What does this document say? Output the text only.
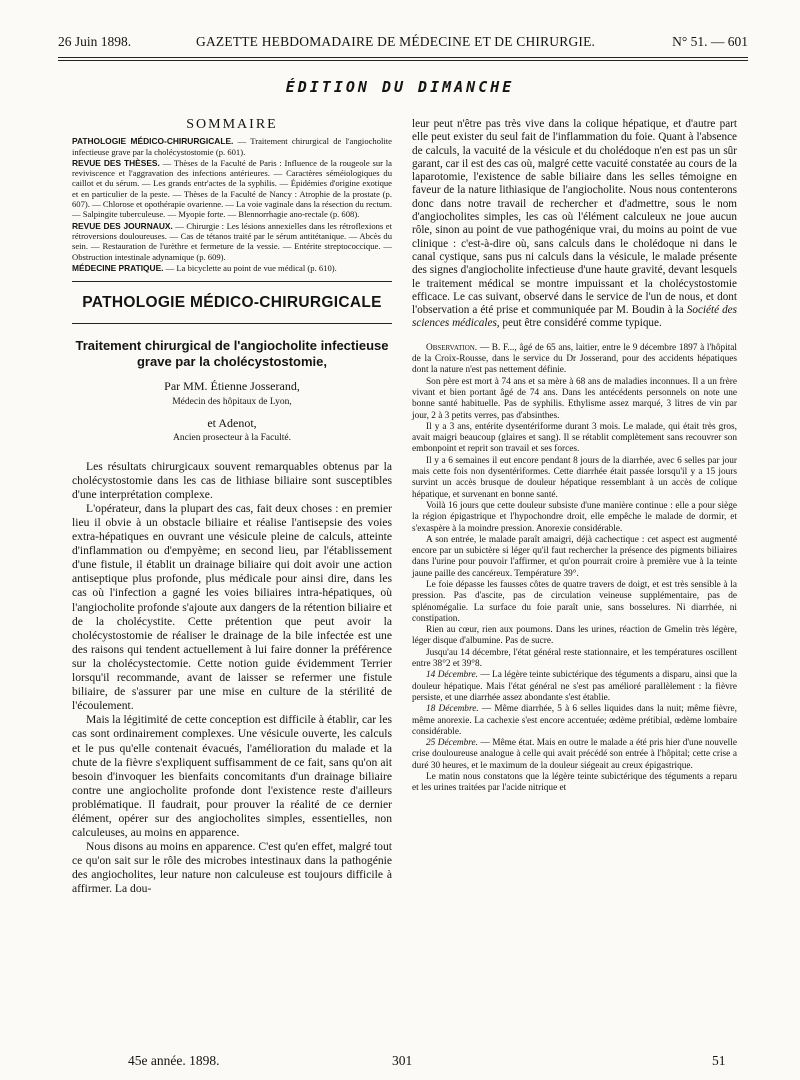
26 Juin 1898.	GAZETTE HEBDOMADAIRE DE MÉDECINE ET DE CHIRURGIE.	N° 51. — 601
ÉDITION DU DIMANCHE
SOMMAIRE
PATHOLOGIE MÉDICO-CHIRURGICALE. — Traitement chirurgical de l'angiocholite infectieuse grave par la cholécystostomie (p. 601).
REVUE DES THÈSES. — Thèses de la Faculté de Paris : Influence de la rougeole sur la reviviscence et l'aggravation des infections antérieures. — Caractères séméiologiques du caillot et du sérum. — Les grands entr'actes de la syphilis. — Épidémies d'origine exotique et en particulier de la peste. — Thèses de la Faculté de Nancy : Atrophie de la prostate (p. 607). — Chlorose et opothérapie ovarienne. — La voie vaginale dans la résection du rectum. — Salpingite tuberculeuse. — Myopie forte. — Blennorrhagie ano-rectale (p. 608).
REVUE DES JOURNAUX. — Chirurgie : Les lésions annexielles dans les rétroflexions et rétroversions douloureuses. — Cas de tétanos traité par le sérum antitétanique. — Abcès du sein. — Restauration de l'urèthre et fermeture de la vessie. — Entérite streptococcique. — Obstruction intestinale adynamique (p. 609).
MÉDECINE PRATIQUE. — La bicyclette au point de vue médical (p. 610).
PATHOLOGIE MÉDICO-CHIRURGICALE
Traitement chirurgical de l'angiocholite infectieuse grave par la cholécystostomie,
Par MM. Étienne Josserand,
Médecin des hôpitaux de Lyon,
et Adenot,
Ancien prosecteur à la Faculté.

Les résultats chirurgicaux souvent remarquables obtenus par la cholécystostomie dans les cas de lithiase biliaire sont susceptibles d'une interprétation complexe.

L'opérateur, dans la plupart des cas, fait deux choses : en premier lieu il obvie à un obstacle biliaire et réalise l'antisepsie des voies extra-hépatiques en ouvrant une vésicule pleine de calculs, atteinte d'inflammation ou d'empyème; en second lieu, par l'établissement d'une fistule, il établit un drainage biliaire qui doit avoir une action antiseptique plus profonde, plus médicale pour ainsi dire, dans les cas où l'infection a gagné les voies biliaires intra-hépatiques, où l'angiocholite profonde s'ajoute aux dangers de la rétention biliaire et de la cholécystite. Cette prétention que peut avoir la cholécystostomie de réaliser le drainage de la bile infectée est une des raisons qui tendent actuellement à lui faire donner la préférence sur la cholécystectomie. Cette notion guide évidemment Terrier lorsqu'il recommande, avant de laisser se refermer une fistule biliaire, de s'assurer par une mise en culture de la stérilité de l'écoulement.

Mais la légitimité de cette conception est difficile à établir, car les cas sont ordinairement complexes. Une vésicule ouverte, les calculs et le pus qu'elle contenait évacués, l'amélioration du malade et la chute de la fièvre s'expliquent suffisamment de ce fait, sans qu'on ait besoin d'invoquer les bienfaits concomitants d'un drainage biliaire contre une angiocholite profonde dont l'existence reste d'ailleurs problématique. Il faudrait, pour prouver la réalité de ce dernier élément, opérer sur des angiocholites simples, essentielles, non calculeuses, au moins en apparence.

Nous disons au moins en apparence. C'est qu'en effet, malgré tout ce qu'on sait sur le rôle des microbes intestinaux dans la pathogénie des angiocholites, leur nature non calculeuse est toujours difficile à affirmer. La dou-

leur peut n'être pas très vive dans la colique hépatique, et d'autre part elle peut exister du seul fait de l'inflammation du foie. Quant à l'absence de calculs, la vacuité de la vésicule et du cholédoque n'en est pas un sûr garant, car il est des cas où, malgré cette vacuité constatée au cours de la laparotomie, l'existence de sable biliaire dans les selles témoigne en faveur de la nature lithiasique de l'angiocholite. Nous nous contenterons donc dans notre travail de rechercher et d'admettre, sous le nom d'angiocholites simples, les cas où l'élément calculeux ne joue aucun rôle, sinon au point de vue pathogénique vrai, du moins au point de vue clinique : c'est-à-dire où, sans calculs dans le cholédoque ni dans le canal cystique, sans pus ni calculs dans la vésicule, le malade présente des signes d'angiocholite infectieuse d'une haute gravité, devant lesquels le traitement médical se montre impuissant et la cholécystostomie efficace. Le cas suivant, observé dans le service de l'un de nous, et dont l'observation a été prise et communiquée par M. Boudin à la Société des sciences médicales, peut être considéré comme typique.

Observation. — B. F..., âgé de 65 ans, laitier, entre le 9 décembre 1897 à l'hôpital de la Croix-Rousse, dans le service du Dr Josserand, pour des accidents hépatiques dont la nature n'est pas nettement définie.

Son père est mort à 74 ans et sa mère à 68 ans de maladies inconnues. Il a un frère vivant et bien portant âgé de 74 ans. Dans les antécédents personnels on note une bonne santé habituelle. Pas de syphilis. Ethylisme assez marqué, 3 litres de vin par jour, 2 à 3 petits verres, pas d'absinthes.

Il y a 3 ans, entérite dysentériforme durant 3 mois. Le malade, qui était très gros, avait maigri beaucoup (glaires et sang). Il se rétablit complètement sans recouvrer son embonpoint et reprit son travail et ses forces.

Il y a 6 semaines il eut encore pendant 8 jours de la diarrhée, avec 6 selles par jour mais cette fois non dysentériformes. Cette diarrhée était passée lorsqu'il y a 15 jours survint un accès brusque de douleur hépatique ressemblant à un accès de colique hépatique, et survenant en bonne santé.

Voilà 16 jours que cette douleur subsiste d'une manière continue : elle a pour siège la région épigastrique et l'hypochondre droit, elle empêche le malade de dormir, et s'exaspère à la moindre pression. Anorexie considérable.

A son entrée, le malade paraît amaigri, déjà cachectique : cet aspect est augmenté encore par un subictère si léger qu'il faut rechercher la présence des pigments biliaires dans l'urine pour pouvoir l'affirmer, et qu'on pourrait croire à première vue à la teinte jaune paille des cancéreux. Température 39°.

Le foie dépasse les fausses côtes de quatre travers de doigt, et est très sensible à la pression. Pas d'ascite, pas de circulation veineuse supplémentaire, pas de splénomégalie. La surface du foie paraît unie, sans bosselures. Ni diarrhée, ni constipation.

Rien au cœur, rien aux poumons. Dans les urines, réaction de Gmelin très légère, léger disque d'albumine. Pas de sucre.

Jusqu'au 14 décembre, l'état général reste stationnaire, et les températures oscillent entre 38°2 et 39°8.

14 Décembre. — La légère teinte subictérique des téguments a disparu, ainsi que la douleur hépatique. Mais l'état général ne s'est pas amélioré parallèlement : la fièvre persiste, et une diarrhée assez abondante s'est établie.

18 Décembre. — Même diarrhée, 5 à 6 selles liquides dans la nuit; même fièvre, même anorexie. La cachexie s'est encore accentuée; œdème prétibial, œdème lombaire considérable.

25 Décembre. — Même état. Mais en outre le malade a été pris hier d'une nouvelle crise douloureuse analogue à celle qui avait précédé son entrée à l'hôpital; cette crise a duré 30 heures, et le maximum de la douleur siégeait au creux épigastrique.

Le matin nous constatons que la légère teinte subictérique des téguments a reparu et les urines traitées par l'acide nitrique et

45e année. 1898.	301	51
